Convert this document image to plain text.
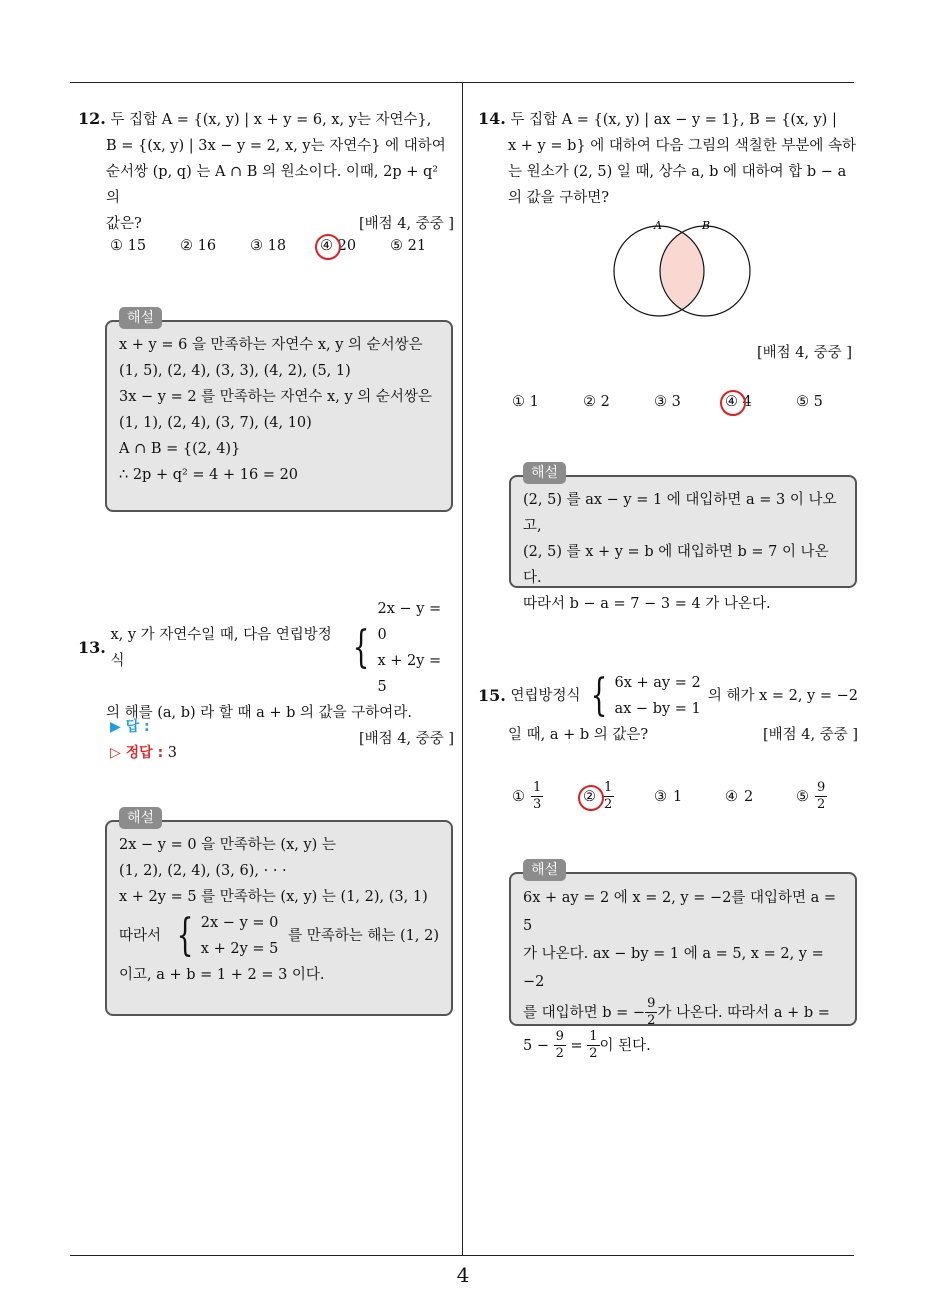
12. 두 집합 A = {(x, y) | x + y = 6, x, y는 자연수},
B = {(x, y) | 3x − y = 2, x, y는 자연수} 에 대하여
순서쌍 (p, q) 는 A ∩ B 의 원소이다. 이때, 2p + q² 의
값은?	[배점 4, 중중 ]
① 15	② 16	③ 18	④ 20	⑤ 21
해설
x + y = 6 을 만족하는 자연수 x, y 의 순서쌍은
(1, 5), (2, 4), (3, 3), (4, 2), (5, 1)
3x − y = 2 를 만족하는 자연수 x, y 의 순서쌍은
(1, 1), (2, 4), (3, 7), (4, 10)
A ∩ B = {(2, 4)}
∴ 2p + q² = 4 + 16 = 20
13.

x, y 가 자연수일 때, 다음 연립방정식	{
2x − y = 0
x + 2y = 5
의 해를 (a, b) 라 할 때 a + b 의 값을 구하여라.
[배점 4, 중중 ]
▶ 답 :
▷ 정답 : 3
해설
2x − y = 0 을 만족하는 (x, y) 는
(1, 2), (2, 4), (3, 6), · · ·
x + 2y = 5 를 만족하는 (x, y) 는 (1, 2), (3, 1)
따라서 { 2x − y = 0
x + 2y = 5
를 만족하는 해는 (1, 2)
이고, a + b = 1 + 2 = 3 이다.
14. 두 집합 A = {(x, y) | ax − y = 1}, B = {(x, y) |
x + y = b} 에 대하여 다음 그림의 색칠한 부분에 속하
는 원소가 (2, 5) 일 때, 상수 a, b 에 대하여 합 b − a
의 값을 구하면?
A	B
[배점 4, 중중 ]
① 1	② 2	③ 3	④ 4	⑤ 5
해설
(2, 5) 를 ax − y = 1 에 대입하면 a = 3 이 나오고,
(2, 5) 를 x + y = b 에 대입하면 b = 7 이 나온다.
따라서 b − a = 7 − 3 = 4 가 나온다.
15.
연립방정식 { 6x + ay = 2
ax − by = 1
의 해가 x = 2, y = −2
일 때, a + b 의 값은?	[배점 4, 중중 ]
① $\frac{1}{3}$	② $\frac{1}{2}$	③ 1	④ 2	⑤ $\frac{9}{2}$
해설
6x + ay = 2 에 x = 2, y = −2를 대입하면 a = 5
가 나온다. ax − by = 1 에 a = 5, x = 2, y = −2
를 대입하면 b = − $\frac{9}{2}$ 가 나온다. 따라서 a + b =
5 −
$\frac{9}{2} = \frac{1}{2}$ 이 된다.
4
